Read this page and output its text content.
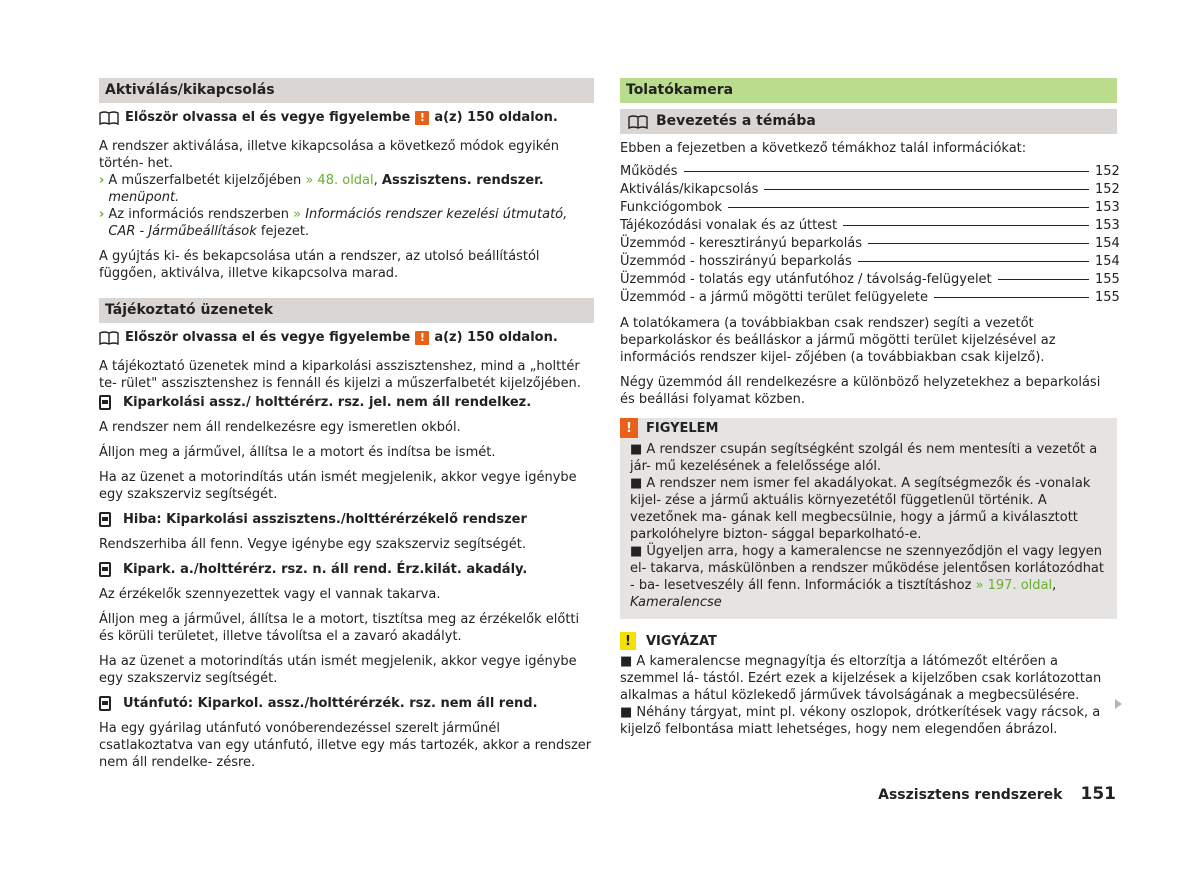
Aktiválás/kikapcsolás
Először olvassa el és vegye figyelembe ! a(z) 150 oldalon.

A rendszer aktiválása, illetve kikapcsolása a következő módok egyikén történ- het.

› A műszerfalbetét kijelzőjében » 48. oldal, Asszisztens. rendszer. menüpont.
› Az információs rendszerben » Információs rendszer kezelési útmutató, CAR - Járműbeállítások fejezet.

A gyújtás ki- és bekapcsolása után a rendszer, az utolsó beállítástól függően, aktiválva, illetve kikapcsolva marad.

Tájékoztató üzenetek
Először olvassa el és vegye figyelembe ! a(z) 150 oldalon.

A tájékoztató üzenetek mind a kiparkolási asszisztenshez, mind a „holttér te- rület" asszisztenshez is fennáll és kijelzi a műszerfalbetét kijelzőjében.

Kiparkolási assz./ holttérérz. rsz. jel. nem áll rendelkez.

A rendszer nem áll rendelkezésre egy ismeretlen okból.

Álljon meg a járművel, állítsa le a motort és indítsa be ismét.

Ha az üzenet a motorindítás után ismét megjelenik, akkor vegye igénybe egy szakszerviz segítségét.

Hiba: Kiparkolási asszisztens./holttérérzékelő rendszer

Rendszerhiba áll fenn. Vegye igénybe egy szakszerviz segítségét.

Kipark. a./holttérérz. rsz. n. áll rend. Érz.kilát. akadály.

Az érzékelők szennyezettek vagy el vannak takarva.

Álljon meg a járművel, állítsa le a motort, tisztítsa meg az érzékelők előtti és körüli területet, illetve távolítsa el a zavaró akadályt.

Ha az üzenet a motorindítás után ismét megjelenik, akkor vegye igénybe egy szakszerviz segítségét.

Utánfutó: Kiparkol. assz./holttérérzék. rsz. nem áll rend.

Ha egy gyárilag utánfutó vonóberendezéssel szerelt járműnél csatlakoztatva van egy utánfutó, illetve egy más tartozék, akkor a rendszer nem áll rendelke- zésre.

Tolatókamera
Bevezetés a témába

Ebben a fejezetben a következő témákhoz talál információkat:

Működés	152
Aktiválás/kikapcsolás	152
Funkciógombok	153
Tájékozódási vonalak és az úttest	153
Üzemmód - keresztirányú beparkolás	154
Üzemmód - hosszirányú beparkolás	154
Üzemmód - tolatás egy utánfutóhoz / távolság-felügyelet	155
Üzemmód - a jármű mögötti terület felügyelete	155

A tolatókamera (a továbbiakban csak rendszer) segíti a vezetőt beparkoláskor és beálláskor a jármű mögötti terület kijelzésével az információs rendszer kijel- zőjében (a továbbiakban csak kijelző).

Négy üzemmód áll rendelkezésre a különböző helyzetekhez a beparkolási és beállási folyamat közben.

!	FIGYELEM

■ A rendszer csupán segítségként szolgál és nem mentesíti a vezetőt a jár- mű kezelésének a felelőssége alól.

■ A rendszer nem ismer fel akadályokat. A segítségmezők és -vonalak kijel- zése a jármű aktuális környezetétől függetlenül történik. A vezetőnek ma- gának kell megbecsülnie, hogy a jármű a kiválasztott parkolóhelyre bizton- sággal beparkolható-e.

■ Ügyeljen arra, hogy a kameralencse ne szennyeződjön el vagy legyen el- takarva, máskülönben a rendszer működése jelentősen korlátozódhat - ba- lesetveszély áll fenn. Információk a tisztításhoz » 197. oldal, Kameralencse

!	VIGYÁZAT

■ A kameralencse megnagyítja és eltorzítja a látómezőt eltérően a szemmel lá- tástól. Ezért ezek a kijelzések a kijelzőben csak korlátozottan alkalmas a hátul közlekedő járművek távolságának a megbecsülésére.

■ Néhány tárgyat, mint pl. vékony oszlopok, drótkerítések vagy rácsok, a kijelző felbontása miatt lehetséges, hogy nem elegendően ábrázol.

Asszisztens rendszerek 151
